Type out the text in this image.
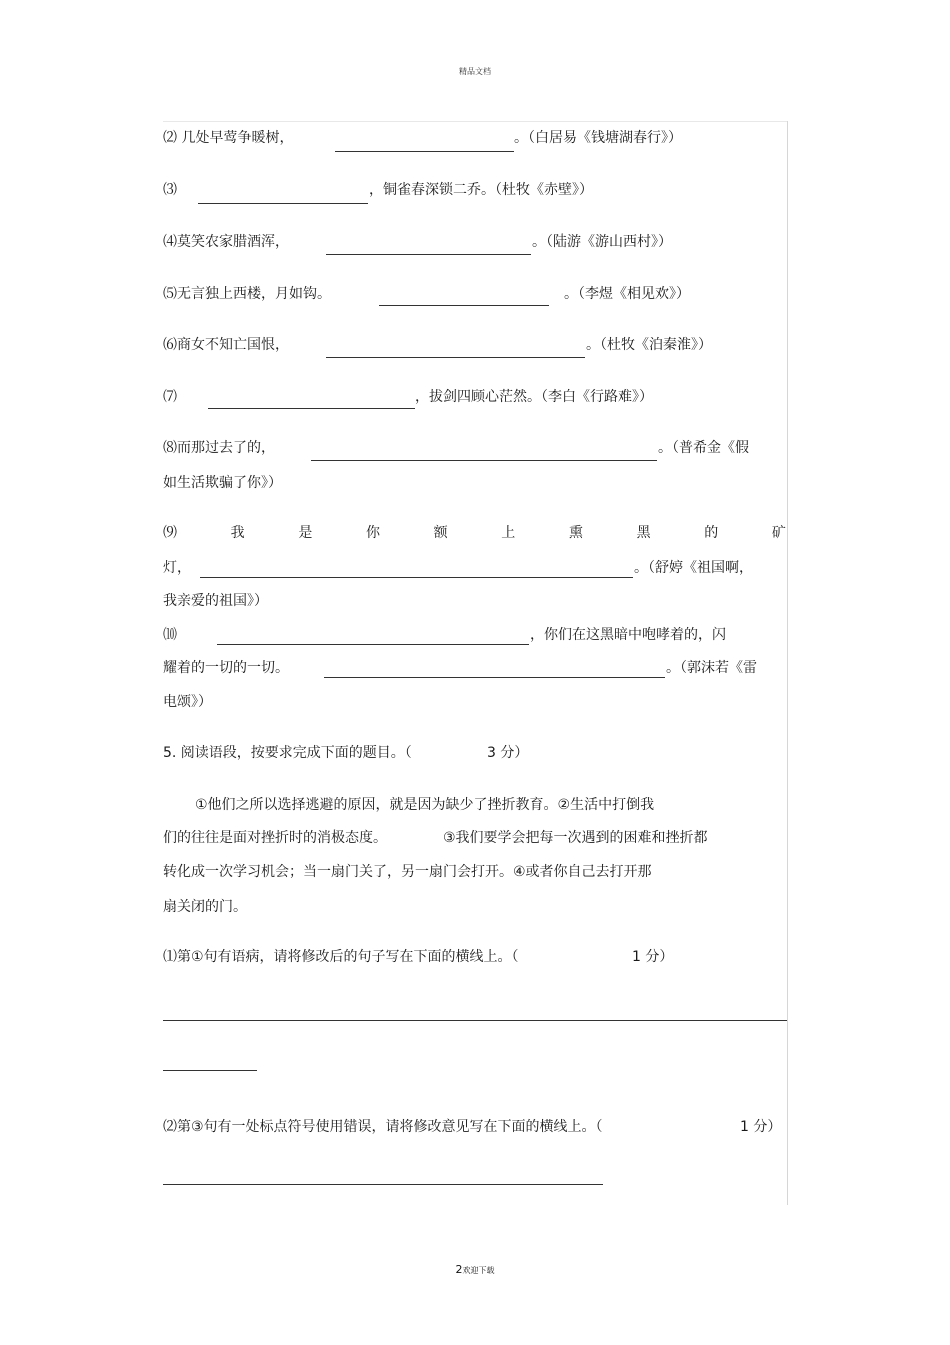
精品文档
⑵ 几处早莺争暖树，	。（白居易《钱塘湖春行》）
⑶	，铜雀春深锁二乔。（杜牧《赤壁》）
⑷莫笑农家腊酒浑，	。（陆游《游山西村》）
⑸无言独上西楼，月如钩。	。（李煜《相见欢》）
⑹商女不知亡国恨，	。（杜牧《泊秦淮》）
⑺	，拔剑四顾心茫然。（李白《行路难》）
⑻而那过去了的，	。（普希金《假
如生活欺骗了你》）
⑼	我	是	你	额	上	熏	黑	的	矿
灯，	。（舒婷《祖国啊，
我亲爱的祖国》）
⑽	，你们在这黑暗中咆哮着的，闪
耀着的一切的一切。	。（郭沫若《雷
电颂》）
5. 阅读语段，按要求完成下面的题目。（	3 分）
①他们之所以选择逃避的原因，就是因为缺少了挫折教育。②生活中打倒我
们的往往是面对挫折时的消极态度。	③我们要学会把每一次遇到的困难和挫折都
转化成一次学习机会；当一扇门关了，另一扇门会打开。④或者你自己去打开那
扇关闭的门。
⑴第①句有语病，请将修改后的句子写在下面的横线上。（	1 分）
⑵第③句有一处标点符号使用错误，请将修改意见写在下面的横线上。（	1 分）
2欢迎下载
